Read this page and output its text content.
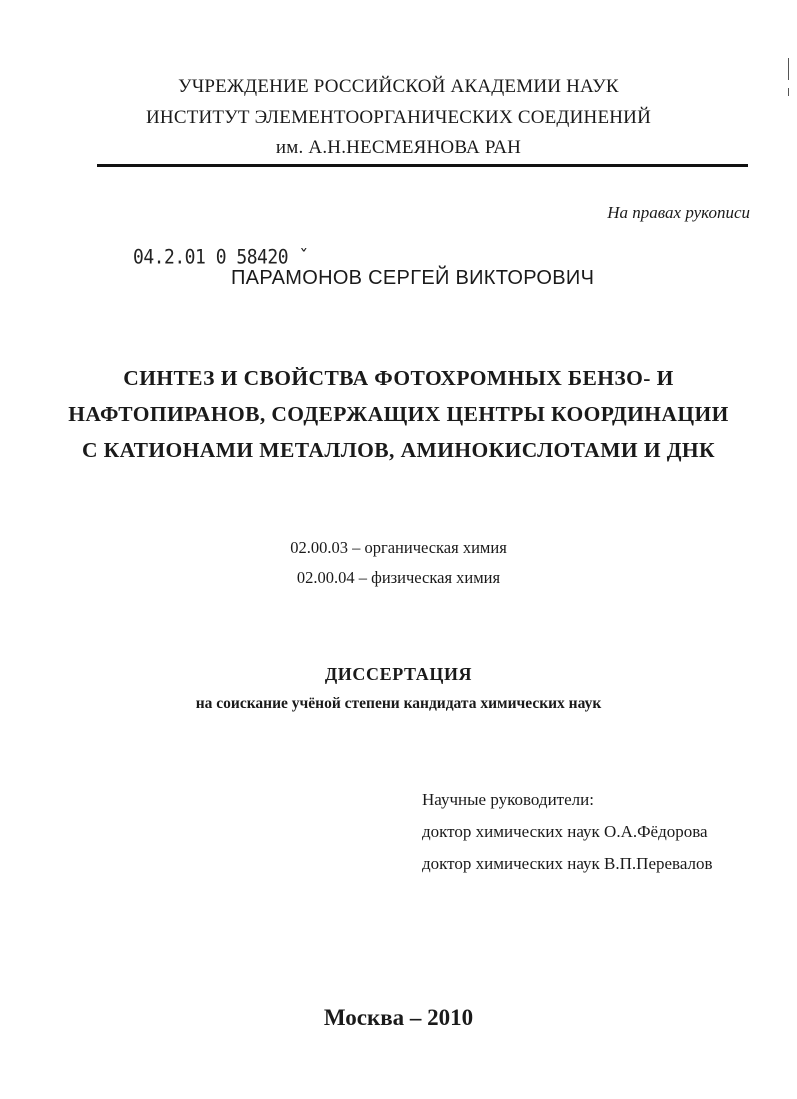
УЧРЕЖДЕНИЕ РОССИЙСКОЙ АКАДЕМИИ НАУК
ИНСТИТУТ ЭЛЕМЕНТООРГАНИЧЕСКИХ СОЕДИНЕНИЙ
им. А.Н.НЕСМЕЯНОВА РАН
На правах рукописи
04.2.01 0 58420 ˇ
ПАРАМОНОВ СЕРГЕЙ ВИКТОРОВИЧ
СИНТЕЗ И СВОЙСТВА ФОТОХРОМНЫХ БЕНЗО- И
НАФТОПИРАНОВ, СОДЕРЖАЩИХ ЦЕНТРЫ КООРДИНАЦИИ
С КАТИОНАМИ МЕТАЛЛОВ, АМИНОКИСЛОТАМИ И ДНК
02.00.03 – органическая химия
02.00.04 – физическая химия
ДИССЕРТАЦИЯ
на соискание учёной степени кандидата химических наук
Научные руководители:
доктор химических наук О.А.Фёдорова
доктор химических наук В.П.Перевалов
Москва – 2010
